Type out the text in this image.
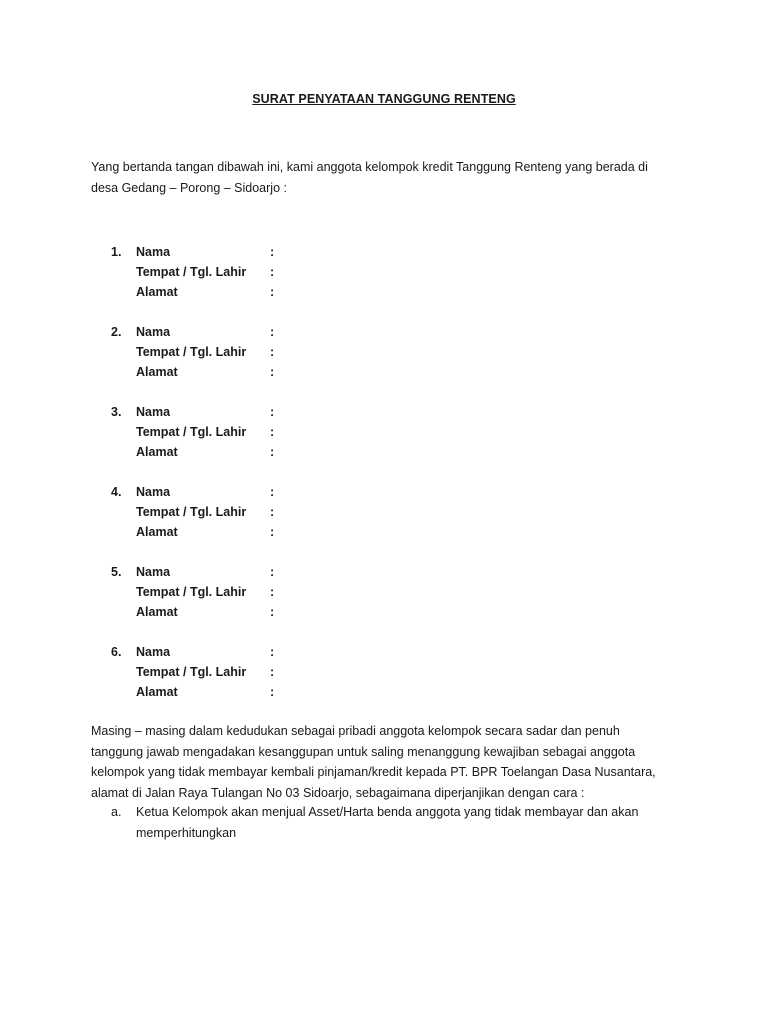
SURAT PENYATAAN TANGGUNG RENTENG
Yang bertanda tangan dibawah ini, kami anggota kelompok kredit Tanggung Renteng yang berada di desa Gedang – Porong – Sidoarjo :
1. Nama	:
Tempat / Tgl. Lahir :
Alamat	:
2. Nama	:
Tempat / Tgl. Lahir :
Alamat	:
3. Nama	:
Tempat / Tgl. Lahir :
Alamat	:
4. Nama	:
Tempat / Tgl. Lahir :
Alamat	:
5. Nama	:
Tempat / Tgl. Lahir :
Alamat	:
6. Nama	:
Tempat / Tgl. Lahir :
Alamat	:
Masing – masing dalam kedudukan sebagai pribadi anggota kelompok secara sadar dan penuh tanggung jawab mengadakan kesanggupan untuk saling menanggung kewajiban sebagai anggota kelompok yang tidak membayar kembali pinjaman/kredit kepada PT. BPR Toelangan Dasa Nusantara, alamat di Jalan Raya Tulangan No 03 Sidoarjo, sebagaimana diperjanjikan dengan cara :
a. Ketua Kelompok akan menjual Asset/Harta benda anggota yang tidak membayar dan akan memperhitungkan
